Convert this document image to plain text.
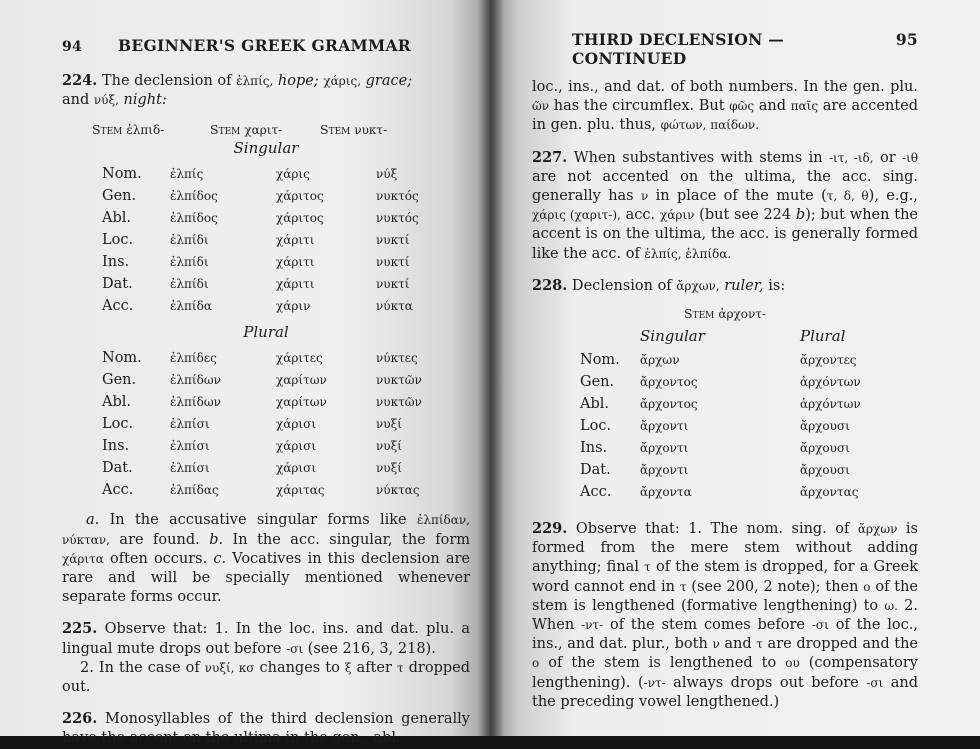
94	BEGINNER'S GREEK GRAMMAR

224. The declension of ἐλπίς, hope; χάρις, grace;
and νύξ, night:

Stem ἐλπιδ-	Stem χαριτ-	Stem νυκτ-
Singular
Nom.	ἐλπίς	χάρις	νύξ
Gen.	ἐλπίδος	χάριτος	νυκτός
Abl.	ἐλπίδος	χάριτος	νυκτός
Loc.	ἐλπίδι	χάριτι	νυκτί
Ins.	ἐλπίδι	χάριτι	νυκτί
Dat.	ἐλπίδι	χάριτι	νυκτί
Acc.	ἐλπίδα	χάριν	νύκτα
Plural
Nom.	ἐλπίδες	χάριτες	νύκτες
Gen.	ἐλπίδων	χαρίτων	νυκτῶν
Abl.	ἐλπίδων	χαρίτων	νυκτῶν
Loc.	ἐλπίσι	χάρισι	νυξί
Ins.	ἐλπίσι	χάρισι	νυξί
Dat.	ἐλπίσι	χάρισι	νυξί
Acc.	ἐλπίδας	χάριτας	νύκτας

a. In the accusative singular forms like ἐλπίδαν, νύκταν, are found. b. In the acc. singular, the form χάριτα often occurs. c. Vocatives in this declension are rare and will be specially mentioned whenever separate forms occur.

225. Observe that: 1. In the loc. ins. and dat. plu. a lingual mute drops out before -σι (see 216, 3, 218).
2. In the case of νυξί, κσ changes to ξ after τ dropped out.

226. Monosyllables of the third declension generally have the accent on the ultima in the gen., abl.,

THIRD DECLENSION — CONTINUED
95

loc., ins., and dat. of both numbers. In the gen. plu. ῶν has the circumflex. But φῶς and παῖς are accented in gen. plu. thus, φώτων, παίδων.

227. When substantives with stems in -ιτ, -ιδ, or -ιθ are not accented on the ultima, the acc. sing. generally has ν in place of the mute (τ, δ, θ), e.g., χάρις (χαριτ-), acc. χάριν (but see 224 b); but when the accent is on the ultima, the acc. is generally formed like the acc. of ἐλπίς, ἐλπίδα.

228. Declension of ἄρχων, ruler, is:

Stem ἀρχοντ-
Singular	Plural
Nom.	ἄρχων	ἄρχοντες
Gen.	ἄρχοντος	ἀρχόντων
Abl.	ἄρχοντος	ἀρχόντων
Loc.	ἄρχοντι	ἄρχουσι
Ins.	ἄρχοντι	ἄρχουσι
Dat.	ἄρχοντι	ἄρχουσι
Acc.	ἄρχοντα	ἄρχοντας

229. Observe that: 1. The nom. sing. of ἄρχων is formed from the mere stem without adding anything; final τ of the stem is dropped, for a Greek word cannot end in τ (see 200, 2 note); then ο of the stem is lengthened (formative lengthening) to ω. 2. When -ντ- of the stem comes before -σι of the loc., ins., and dat. plur., both ν and τ are dropped and the ο of the stem is lengthened to ου (compensatory lengthening). (-ντ- always drops out before -σι and the preceding vowel lengthened.)
